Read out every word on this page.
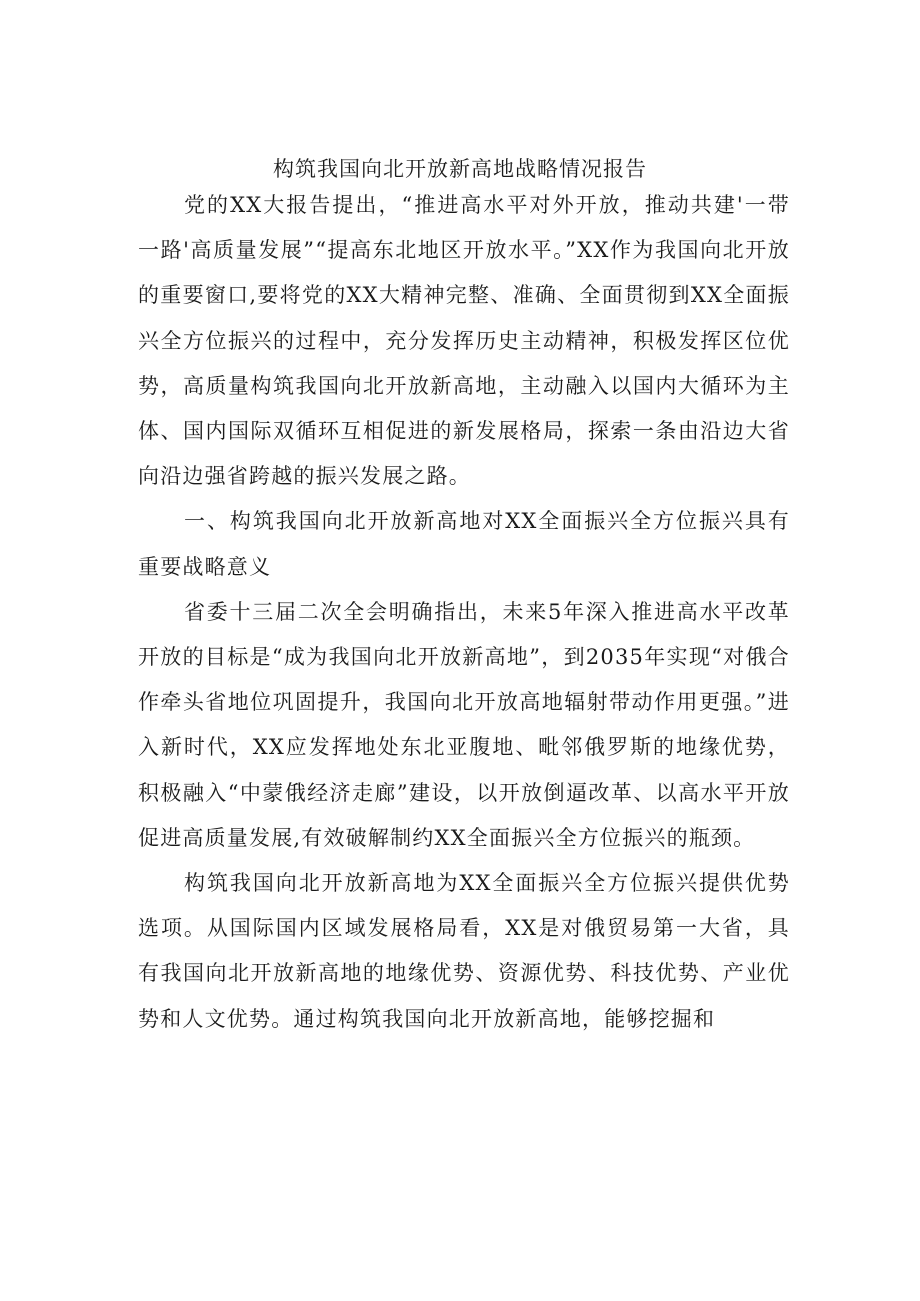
构筑我国向北开放新高地战略情况报告

党的XX大报告提出，“推进高水平对外开放，推动共建'一带一路'高质量发展”“提高东北地区开放水平。”XX作为我国向北开放的重要窗口,要将党的XX大精神完整、准确、全面贯彻到XX全面振兴全方位振兴的过程中，充分发挥历史主动精神，积极发挥区位优势，高质量构筑我国向北开放新高地，主动融入以国内大循环为主体、国内国际双循环互相促进的新发展格局，探索一条由沿边大省向沿边强省跨越的振兴发展之路。

一、构筑我国向北开放新高地对XX全面振兴全方位振兴具有重要战略意义

省委十三届二次全会明确指出，未来5年深入推进高水平改革开放的目标是“成为我国向北开放新高地”，到2035年实现“对俄合作牵头省地位巩固提升，我国向北开放高地辐射带动作用更强。”进入新时代，XX应发挥地处东北亚腹地、毗邻俄罗斯的地缘优势，积极融入“中蒙俄经济走廊”建设，以开放倒逼改革、以高水平开放促进高质量发展,有效破解制约XX全面振兴全方位振兴的瓶颈。

构筑我国向北开放新高地为XX全面振兴全方位振兴提供优势选项。从国际国内区域发展格局看，XX是对俄贸易第一大省，具有我国向北开放新高地的地缘优势、资源优势、科技优势、产业优势和人文优势。通过构筑我国向北开放新高地，能够挖掘和
